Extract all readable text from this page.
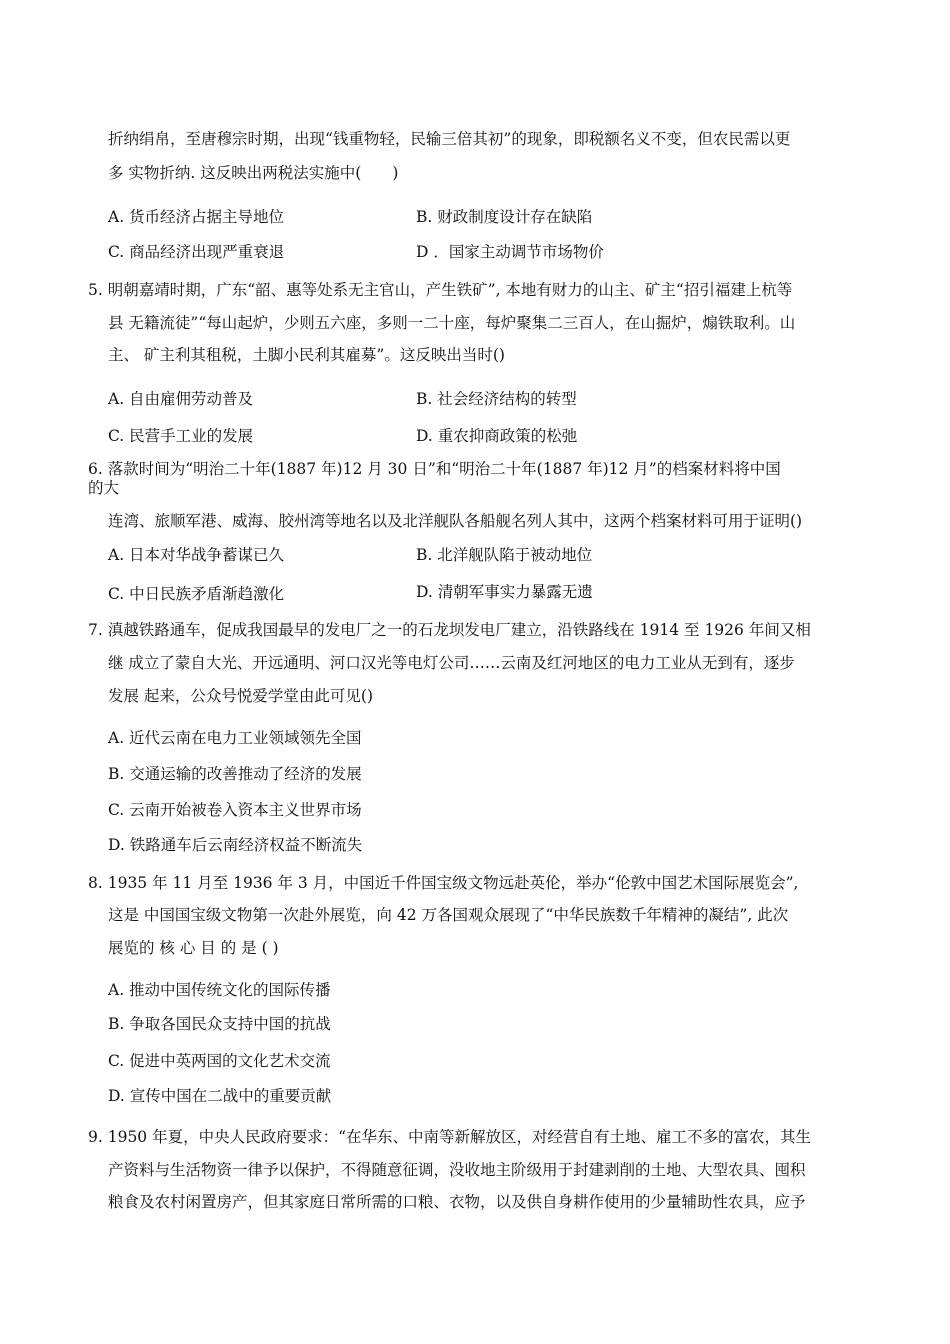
折纳绢帛，至唐穆宗时期，出现“钱重物轻，民输三倍其初”的现象，即税额名义不变，但农民需以更
多 实物折纳. 这反映出两税法实施中(　　)
A. 货币经济占据主导地位	B. 财政制度设计存在缺陷
C. 商品经济出现严重衰退	D ．国家主动调节市场物价
5. 明朝嘉靖时期，广东“韶、惠等处系无主官山，产生铁矿”, 本地有财力的山主、矿主“招引福建上杭等
县 无籍流徒”“每山起炉，少则五六座，多则一二十座，每炉聚集二三百人，在山掘炉，煽铁取利。山
主、 矿主利其租税，土脚小民利其雇募”。这反映出当时()
A. 自由雇佣劳动普及	B. 社会经济结构的转型
C. 民营手工业的发展	D. 重农抑商政策的松弛
6. 落款时间为“明治二十年(1887 年)12 月 30 日”和“明治二十年(1887 年)12 月”的档案材料将中国
的大
连湾、旅顺军港、威海、胶州湾等地名以及北洋舰队各船舰名列人其中，这两个档案材料可用于证明()
A. 日本对华战争蓄谋已久	B. 北洋舰队陷于被动地位
C. 中日民族矛盾渐趋激化	D. 清朝军事实力暴露无遗
7. 滇越铁路通车，促成我国最早的发电厂之一的石龙坝发电厂建立，沿铁路线在 1914 至 1926 年间又相
继 成立了蒙自大光、开远通明、河口汉光等电灯公司……云南及红河地区的电力工业从无到有，逐步
发展 起来，公众号悦爱学堂由此可见()
A. 近代云南在电力工业领域领先全国
B. 交通运输的改善推动了经济的发展
C. 云南开始被卷入资本主义世界市场
D. 铁路通车后云南经济权益不断流失
8. 1935 年 11 月至 1936 年 3 月，中国近千件国宝级文物远赴英伦，举办“伦敦中国艺术国际展览会”,
这是 中国国宝级文物第一次赴外展览，向 42 万各国观众展现了“中华民族数千年精神的凝结”, 此次
展览的 核 心 目 的 是 ( )
A. 推动中国传统文化的国际传播
B. 争取各国民众支持中国的抗战
C. 促进中英两国的文化艺术交流
D. 宣传中国在二战中的重要贡献
9. 1950 年夏，中央人民政府要求：“在华东、中南等新解放区，对经营自有土地、雇工不多的富农，其生
产资料与生活物资一律予以保护，不得随意征调，没收地主阶级用于封建剥削的土地、大型农具、囤积
粮食及农村闲置房产，但其家庭日常所需的口粮、衣物，以及供自身耕作使用的少量辅助性农具，应予
